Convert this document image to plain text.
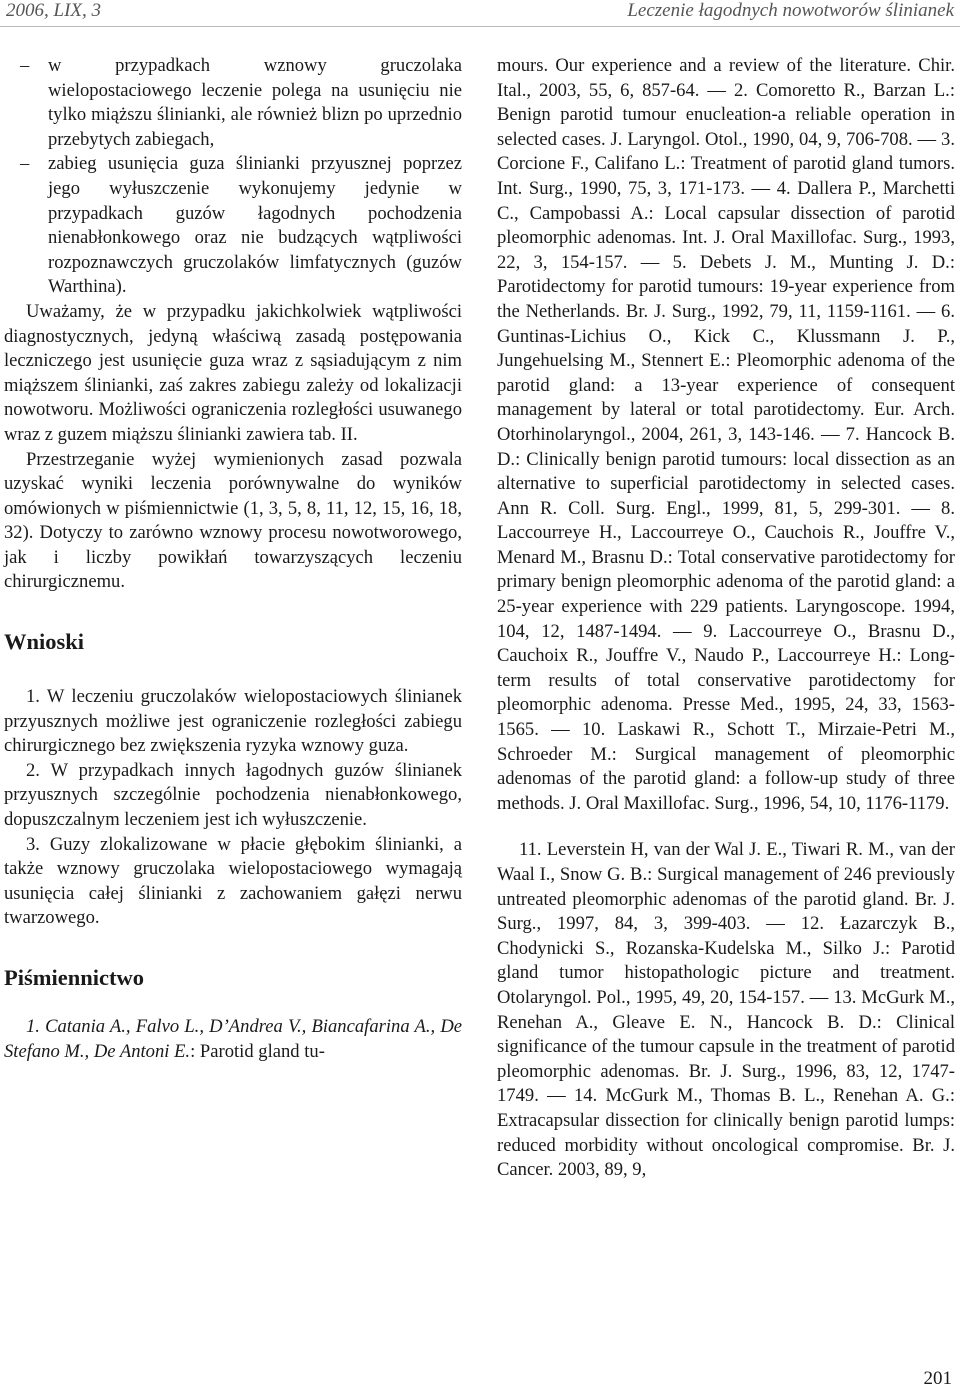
2006, LIX, 3	Leczenie łagodnych nowotworów ślinianek

– w przypadkach wznowy gruczolaka wielopostaciowego leczenie polega na usunięciu nie tylko miąższu ślinianki, ale również blizn po uprzednio przebytych zabiegach,

– zabieg usunięcia guza ślinianki przyusznej poprzez jego wyłuszczenie wykonujemy jedynie w przypadkach guzów łagodnych pochodzenia nienabłonkowego oraz nie budzących wątpliwości rozpoznawczych gruczolaków limfatycznych (guzów Warthina).

Uważamy, że w przypadku jakichkolwiek wątpliwości diagnostycznych, jedyną właściwą zasadą postępowania leczniczego jest usunięcie guza wraz z sąsiadującym z nim miąższem ślinianki, zaś zakres zabiegu zależy od lokalizacji nowotworu. Możliwości ograniczenia rozległości usuwanego wraz z guzem miąższu ślinianki zawiera tab. II.

Przestrzeganie wyżej wymienionych zasad pozwala uzyskać wyniki leczenia porównywalne do wyników omówionych w piśmiennictwie (1, 3, 5, 8, 11, 12, 15, 16, 18, 32). Dotyczy to zarówno wznowy procesu nowotworowego, jak i liczby powikłań towarzyszących leczeniu chirurgicznemu.

Wnioski

1. W leczeniu gruczolaków wielopostaciowych ślinianek przyusznych możliwe jest ograniczenie rozległości zabiegu chirurgicznego bez zwiększenia ryzyka wznowy guza.

2. W przypadkach innych łagodnych guzów ślinianek przyusznych szczególnie pochodzenia nienabłonkowego, dopuszczalnym leczeniem jest ich wyłuszczenie.

3. Guzy zlokalizowane w płacie głębokim ślinianki, a także wznowy gruczolaka wielopostaciowego wymagają usunięcia całej ślinianki z zachowaniem gałęzi nerwu twarzowego.

Piśmiennictwo

1. Catania A., Falvo L., D’Andrea V., Biancafarina A., De Stefano M., De Antoni E.: Parotid gland tu-

mours. Our experience and a review of the literature. Chir. Ital., 2003, 55, 6, 857-64. — 2. Comoretto R., Barzan L.: Benign parotid tumour enucleation-a reliable operation in selected cases. J. Laryngol. Otol., 1990, 04, 9, 706-708. — 3. Corcione F., Califano L.: Treatment of parotid gland tumors. Int. Surg., 1990, 75, 3, 171-173. — 4. Dallera P., Marchetti C., Campobassi A.: Local capsular dissection of parotid pleomorphic adenomas. Int. J. Oral Maxillofac. Surg., 1993, 22, 3, 154-157. — 5. Debets J. M., Munting J. D.: Parotidectomy for parotid tumours: 19-year experience from the Netherlands. Br. J. Surg., 1992, 79, 11, 1159-1161. — 6. Guntinas-Lichius O., Kick C., Klussmann J. P., Jungehuelsing M., Stennert E.: Pleomorphic adenoma of the parotid gland: a 13-year experience of consequent management by lateral or total parotidectomy. Eur. Arch. Otorhinolaryngol., 2004, 261, 3, 143-146. — 7. Hancock B. D.: Clinically benign parotid tumours: local dissection as an alternative to superficial parotidectomy in selected cases. Ann R. Coll. Surg. Engl., 1999, 81, 5, 299-301. — 8. Laccourreye H., Laccourreye O., Cauchois R., Jouffre V., Menard M., Brasnu D.: Total conservative parotidectomy for primary benign pleomorphic adenoma of the parotid gland: a 25-year experience with 229 patients. Laryngoscope. 1994, 104, 12, 1487-1494. — 9. Laccourreye O., Brasnu D., Cauchoix R., Jouffre V., Naudo P., Laccourreye H.: Long-term results of total conservative parotidectomy for pleomorphic adenoma. Presse Med., 1995, 24, 33, 1563-1565. — 10. Laskawi R., Schott T., Mirzaie-Petri M., Schroeder M.: Surgical management of pleomorphic adenomas of the parotid gland: a follow-up study of three methods. J. Oral Maxillofac. Surg., 1996, 54, 10, 1176-1179.

11. Leverstein H, van der Wal J. E., Tiwari R. M., van der Waal I., Snow G. B.: Surgical management of 246 previously untreated pleomorphic adenomas of the parotid gland. Br. J. Surg., 1997, 84, 3, 399-403. — 12. Łazarczyk B., Chodynicki S., Rozanska-Kudelska M., Silko J.: Parotid gland tumor histopathologic picture and treatment. Otolaryngol. Pol., 1995, 49, 20, 154-157. — 13. McGurk M., Renehan A., Gleave E. N., Hancock B. D.: Clinical significance of the tumour capsule in the treatment of parotid pleomorphic adenomas. Br. J. Surg., 1996, 83, 12, 1747-1749. — 14. McGurk M., Thomas B. L., Renehan A. G.: Extracapsular dissection for clinically benign parotid lumps: reduced morbidity without oncological compromise. Br. J. Cancer. 2003, 89, 9,

201
